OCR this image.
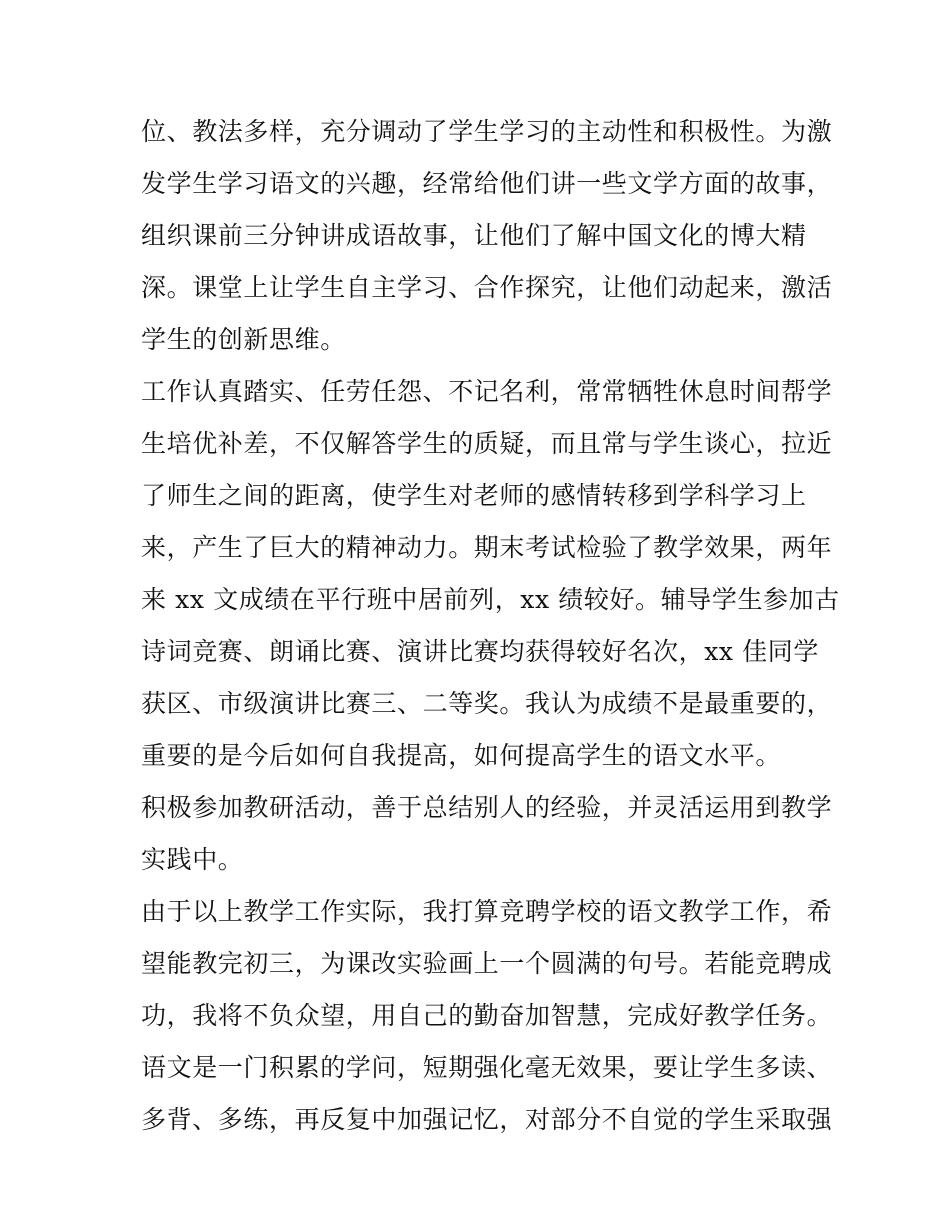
位、教法多样，充分调动了学生学习的主动性和积极性。为激
发学生学习语文的兴趣，经常给他们讲一些文学方面的故事，
组织课前三分钟讲成语故事，让他们了解中国文化的博大精
深。课堂上让学生自主学习、合作探究，让他们动起来，激活
学生的创新思维。
工作认真踏实、任劳任怨、不记名利，常常牺牲休息时间帮学
生培优补差，不仅解答学生的质疑，而且常与学生谈心，拉近
了师生之间的距离，使学生对老师的感情转移到学科学习上
来，产生了巨大的精神动力。期末考试检验了教学效果，两年
来 xx 文成绩在平行班中居前列，xx 绩较好。辅导学生参加古
诗词竞赛、朗诵比赛、演讲比赛均获得较好名次，xx 佳同学
获区、市级演讲比赛三、二等奖。我认为成绩不是最重要的，
重要的是今后如何自我提高，如何提高学生的语文水平。
积极参加教研活动，善于总结别人的经验，并灵活运用到教学
实践中。
由于以上教学工作实际，我打算竞聘学校的语文教学工作，希
望能教完初三，为课改实验画上一个圆满的句号。若能竞聘成
功，我将不负众望，用自己的勤奋加智慧，完成好教学任务。
语文是一门积累的学问，短期强化毫无效果，要让学生多读、
多背、多练，再反复中加强记忆，对部分不自觉的学生采取强
